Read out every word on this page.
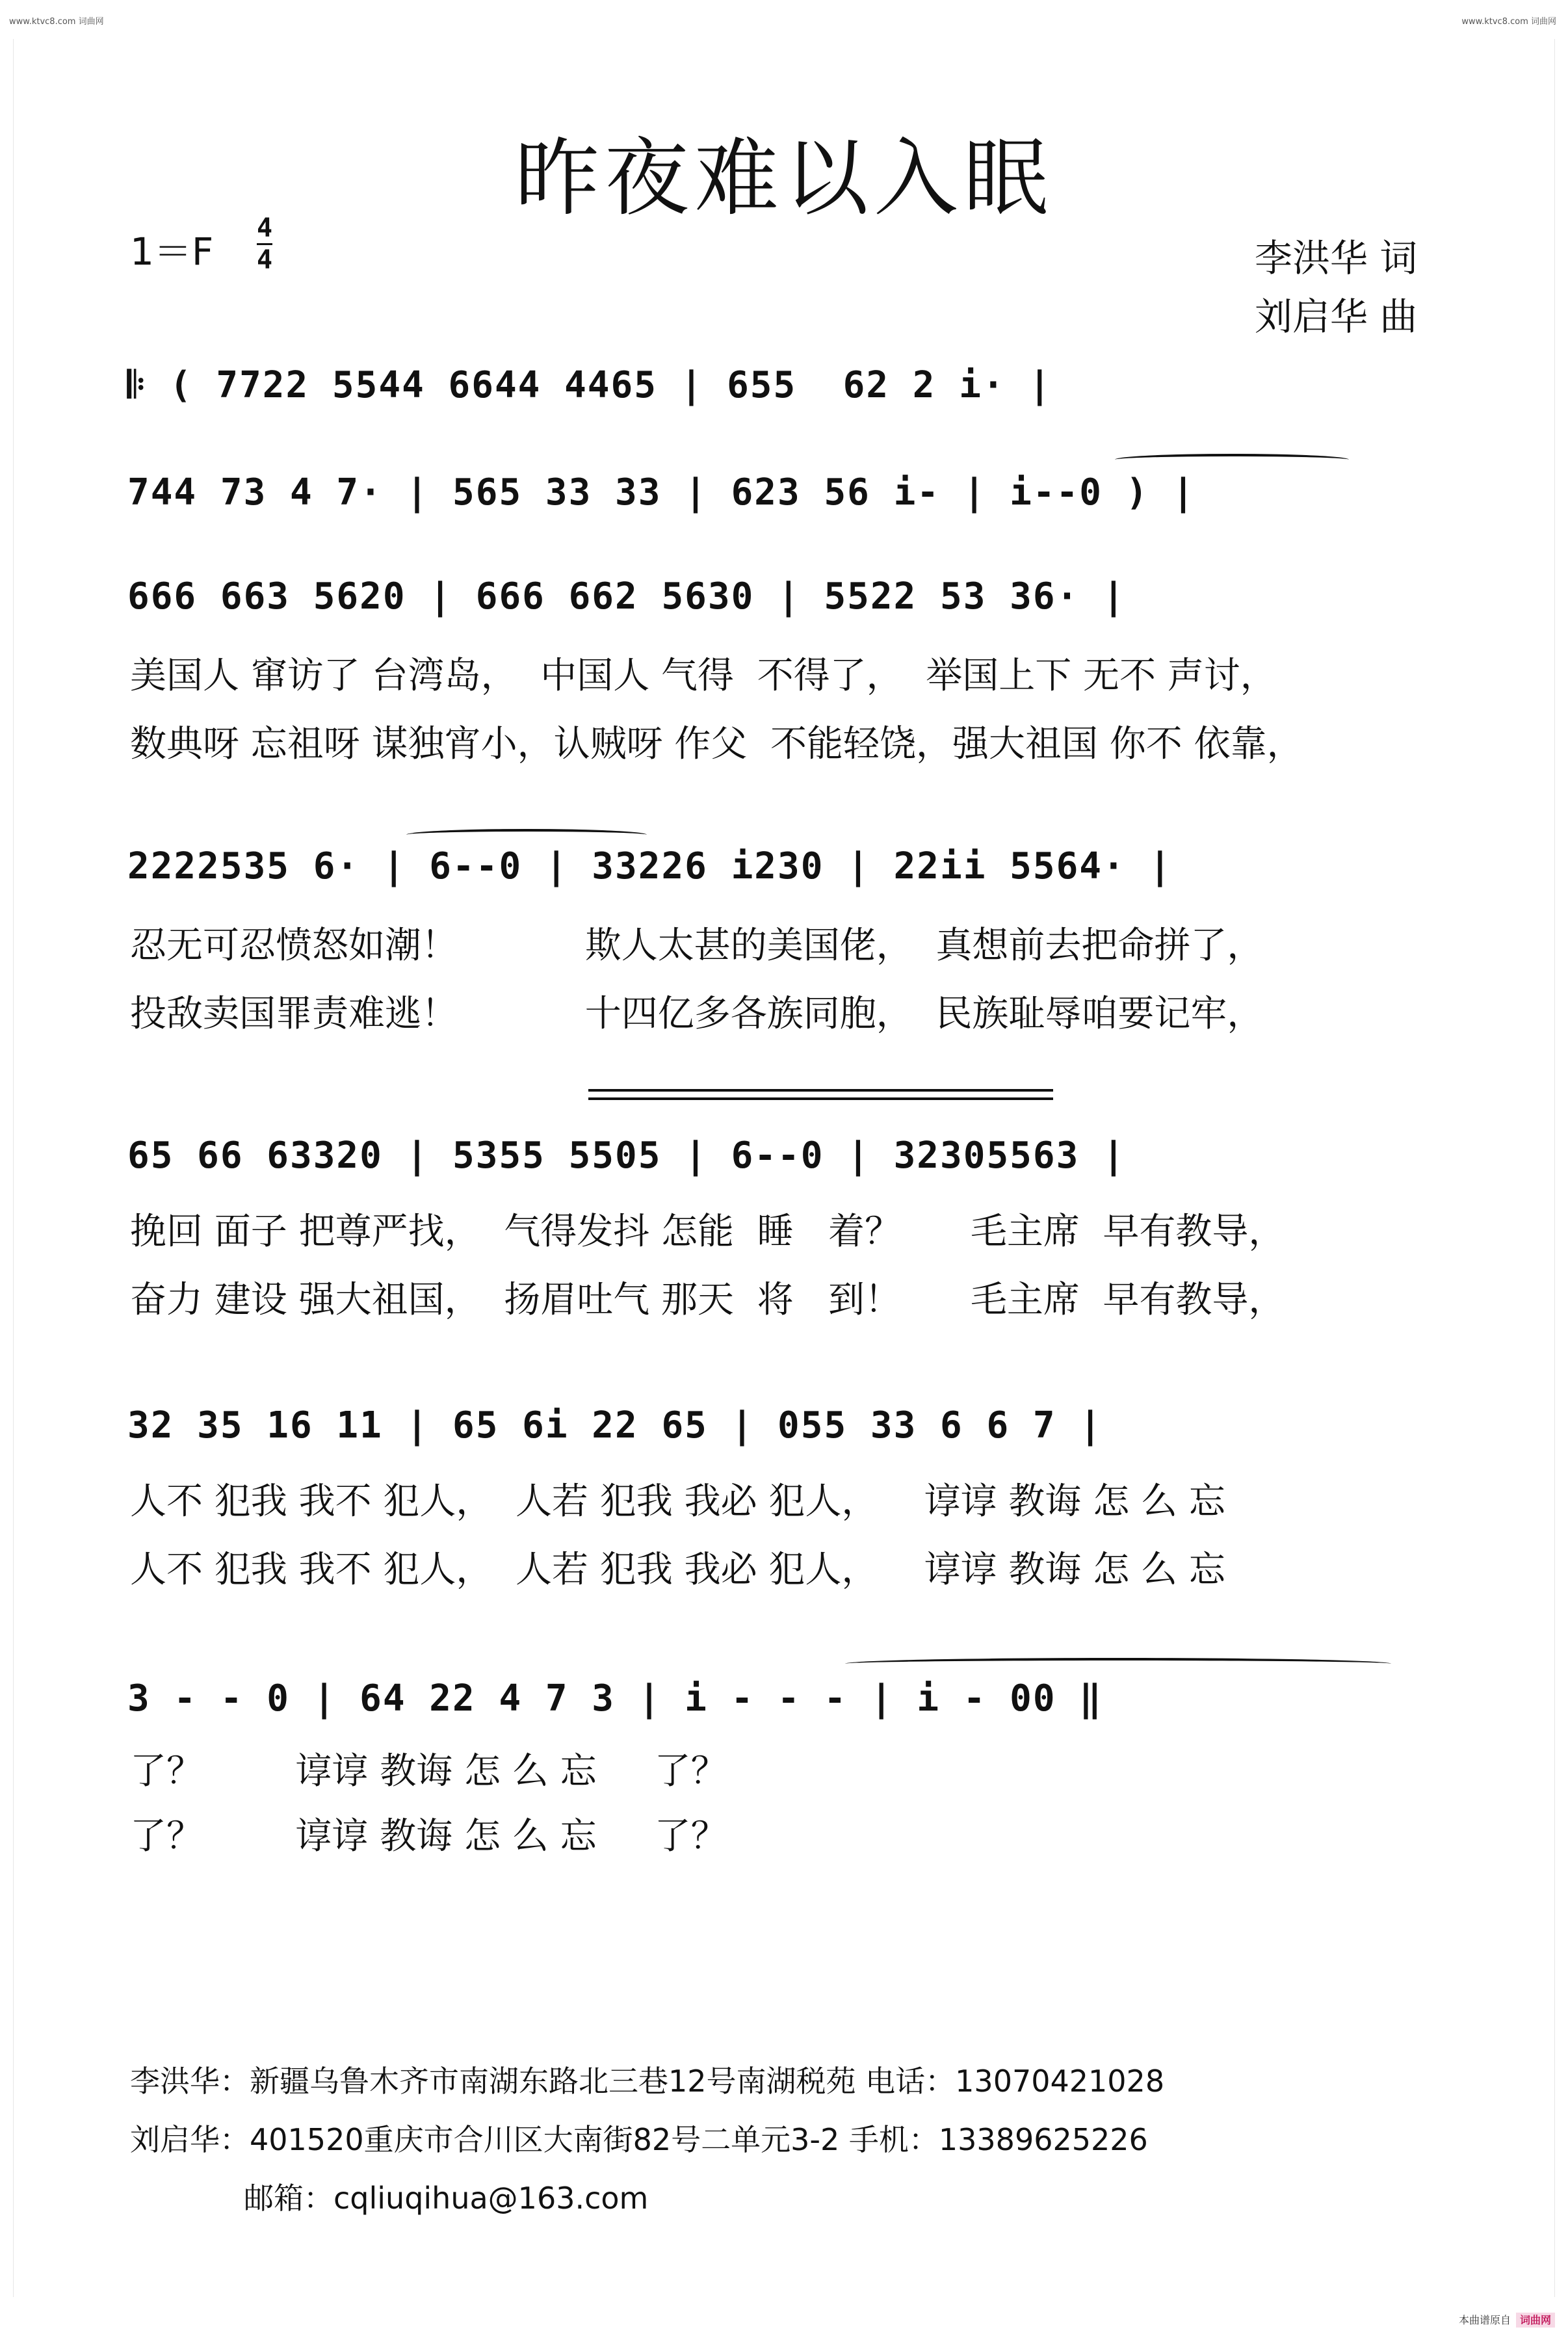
www.ktvc8.com 词曲网	www.ktvc8.com 词曲网
昨夜难以入眠
1＝F
4
4	李洪华 词
刘启华 曲
𝄆 ( 7722 5544 6644 4465 | 655  62 2 i· |
744 73 4 7· | 565 33 33 | 623 56 i- | i--0 ) |
666 663 5620 | 666 662 5630 | 5522 53 36· |
美国人 窜访了 台湾岛，  中国人 气得  不得了，  举国上下 无不 声讨，
数典呀 忘祖呀 谋独宵小，认贼呀 作父  不能轻饶，强大祖国 你不 依靠，
2222535 6· | 6--0 | 33226 i230 | 22ii 5564· |
忍无可忍愤怒如潮！           欺人太甚的美国佬，  真想前去把命拼了，
投敌卖国罪责难逃！           十四亿多各族同胞，  民族耻辱咱要记牢，
65 66 63320 | 5355 5505 | 6--0 | 32305563 |
挽回 面子 把尊严找，  气得发抖 怎能  睡   着？      毛主席  早有教导，
奋力 建设 强大祖国，  扬眉吐气 那天  将   到！      毛主席  早有教导，
32 35 16 11 | 65 6i 22 65 | 055 33 6 6 7 |
人不 犯我 我不 犯人，  人若 犯我 我必 犯人，    谆谆 教诲 怎 么 忘
人不 犯我 我不 犯人，  人若 犯我 我必 犯人，    谆谆 教诲 怎 么 忘
3 - - 0 | 64 22 4 7 3 | i - - - | i - 00 ‖
了？        谆谆 教诲 怎 么 忘     了？
了？        谆谆 教诲 怎 么 忘     了？
李洪华：新疆乌鲁木齐市南湖东路北三巷12号南湖税苑 电话：13070421028
刘启华：401520重庆市合川区大南街82号二单元3-2 手机：13389625226
邮箱：cqliuqihua@163.com
本曲谱原自 词曲网
